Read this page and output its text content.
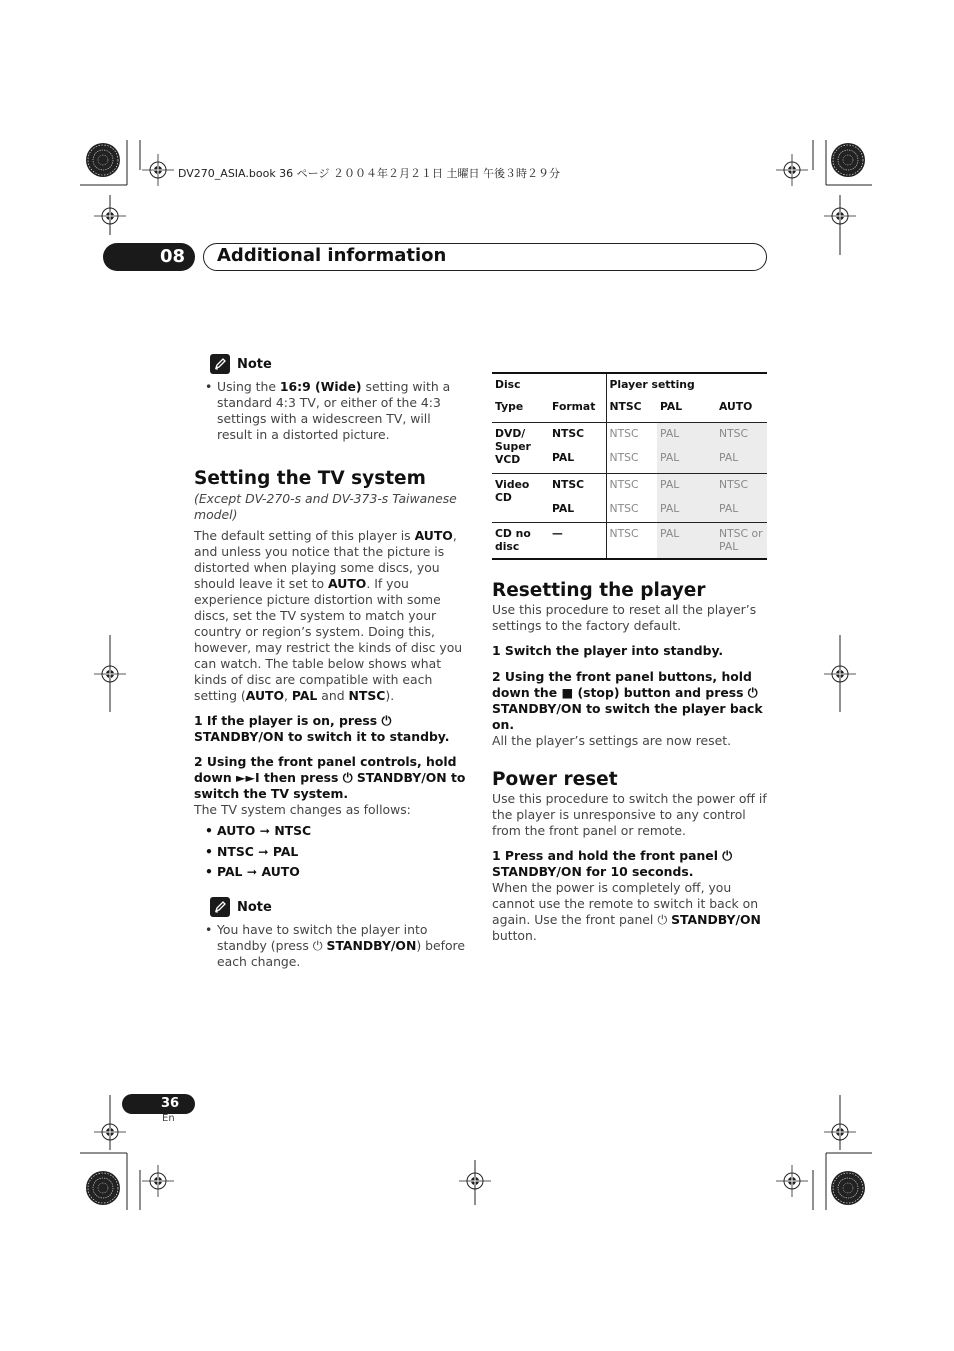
DV270_ASIA.book 36 ページ ２００４年２月２１日 土曜日 午後３時２９分
08	Additional information
Note
• Using the 16:9 (Wide) setting with a standard 4:3 TV, or either of the 4:3 settings with a widescreen TV, will result in a distorted picture.
Setting the TV system

(Except DV-270-s and DV-373-s Taiwanese model)

The default setting of this player is AUTO, and unless you notice that the picture is distorted when playing some discs, you should leave it set to AUTO. If you experience picture distortion with some discs, set the TV system to match your country or region’s system. Doing this, however, may restrict the kinds of disc you can watch. The table below shows what kinds of disc are compatible with each setting (AUTO, PAL and NTSC).

1 If the player is on, press ⏻ STANDBY/ON to switch it to standby.

2 Using the front panel controls, hold down ►►I then press ⏻ STANDBY/ON to switch the TV system.

The TV system changes as follows:

• AUTO ➞ NTSC
• NTSC ➞ PAL
• PAL ➞ AUTO
Note
• You have to switch the player into standby (press ⏻ STANDBY/ON) before each change.
Disc		Player setting		
Type	Format	NTSC	PAL	AUTO
DVD/ Super VCD	NTSC	NTSC	PAL	NTSC
	PAL	NTSC	PAL	PAL
Video CD	NTSC	NTSC	PAL	NTSC
	PAL	NTSC	PAL	PAL
CD no disc	—	NTSC	PAL	NTSC or PAL
Resetting the player

Use this procedure to reset all the player’s settings to the factory default.

1 Switch the player into standby.

2 Using the front panel buttons, hold down the ■ (stop) button and press ⏻ STANDBY/ON to switch the player back on.

All the player’s settings are now reset.

Power reset

Use this procedure to switch the power off if the player is unresponsive to any control from the front panel or remote.

1 Press and hold the front panel ⏻ STANDBY/ON for 10 seconds.

When the power is completely off, you cannot use the remote to switch it back on again. Use the front panel ⏻ STANDBY/ON button.

36
En
